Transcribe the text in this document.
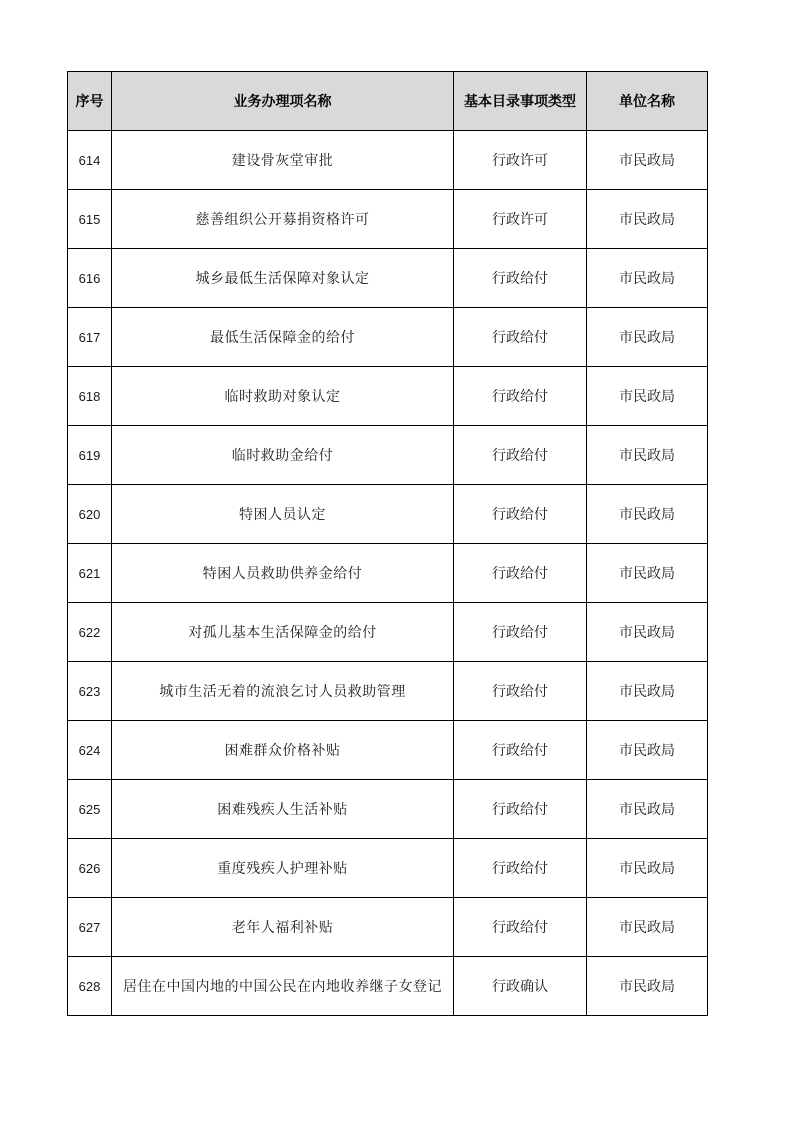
序号	业务办理项名称	基本目录事项类型	单位名称
614	建设骨灰堂审批	行政许可	市民政局
615	慈善组织公开募捐资格许可	行政许可	市民政局
616	城乡最低生活保障对象认定	行政给付	市民政局
617	最低生活保障金的给付	行政给付	市民政局
618	临时救助对象认定	行政给付	市民政局
619	临时救助金给付	行政给付	市民政局
620	特困人员认定	行政给付	市民政局
621	特困人员救助供养金给付	行政给付	市民政局
622	对孤儿基本生活保障金的给付	行政给付	市民政局
623	城市生活无着的流浪乞讨人员救助管理	行政给付	市民政局
624	困难群众价格补贴	行政给付	市民政局
625	困难残疾人生活补贴	行政给付	市民政局
626	重度残疾人护理补贴	行政给付	市民政局
627	老年人福利补贴	行政给付	市民政局
628	居住在中国内地的中国公民在内地收养继子女登记	行政确认	市民政局
